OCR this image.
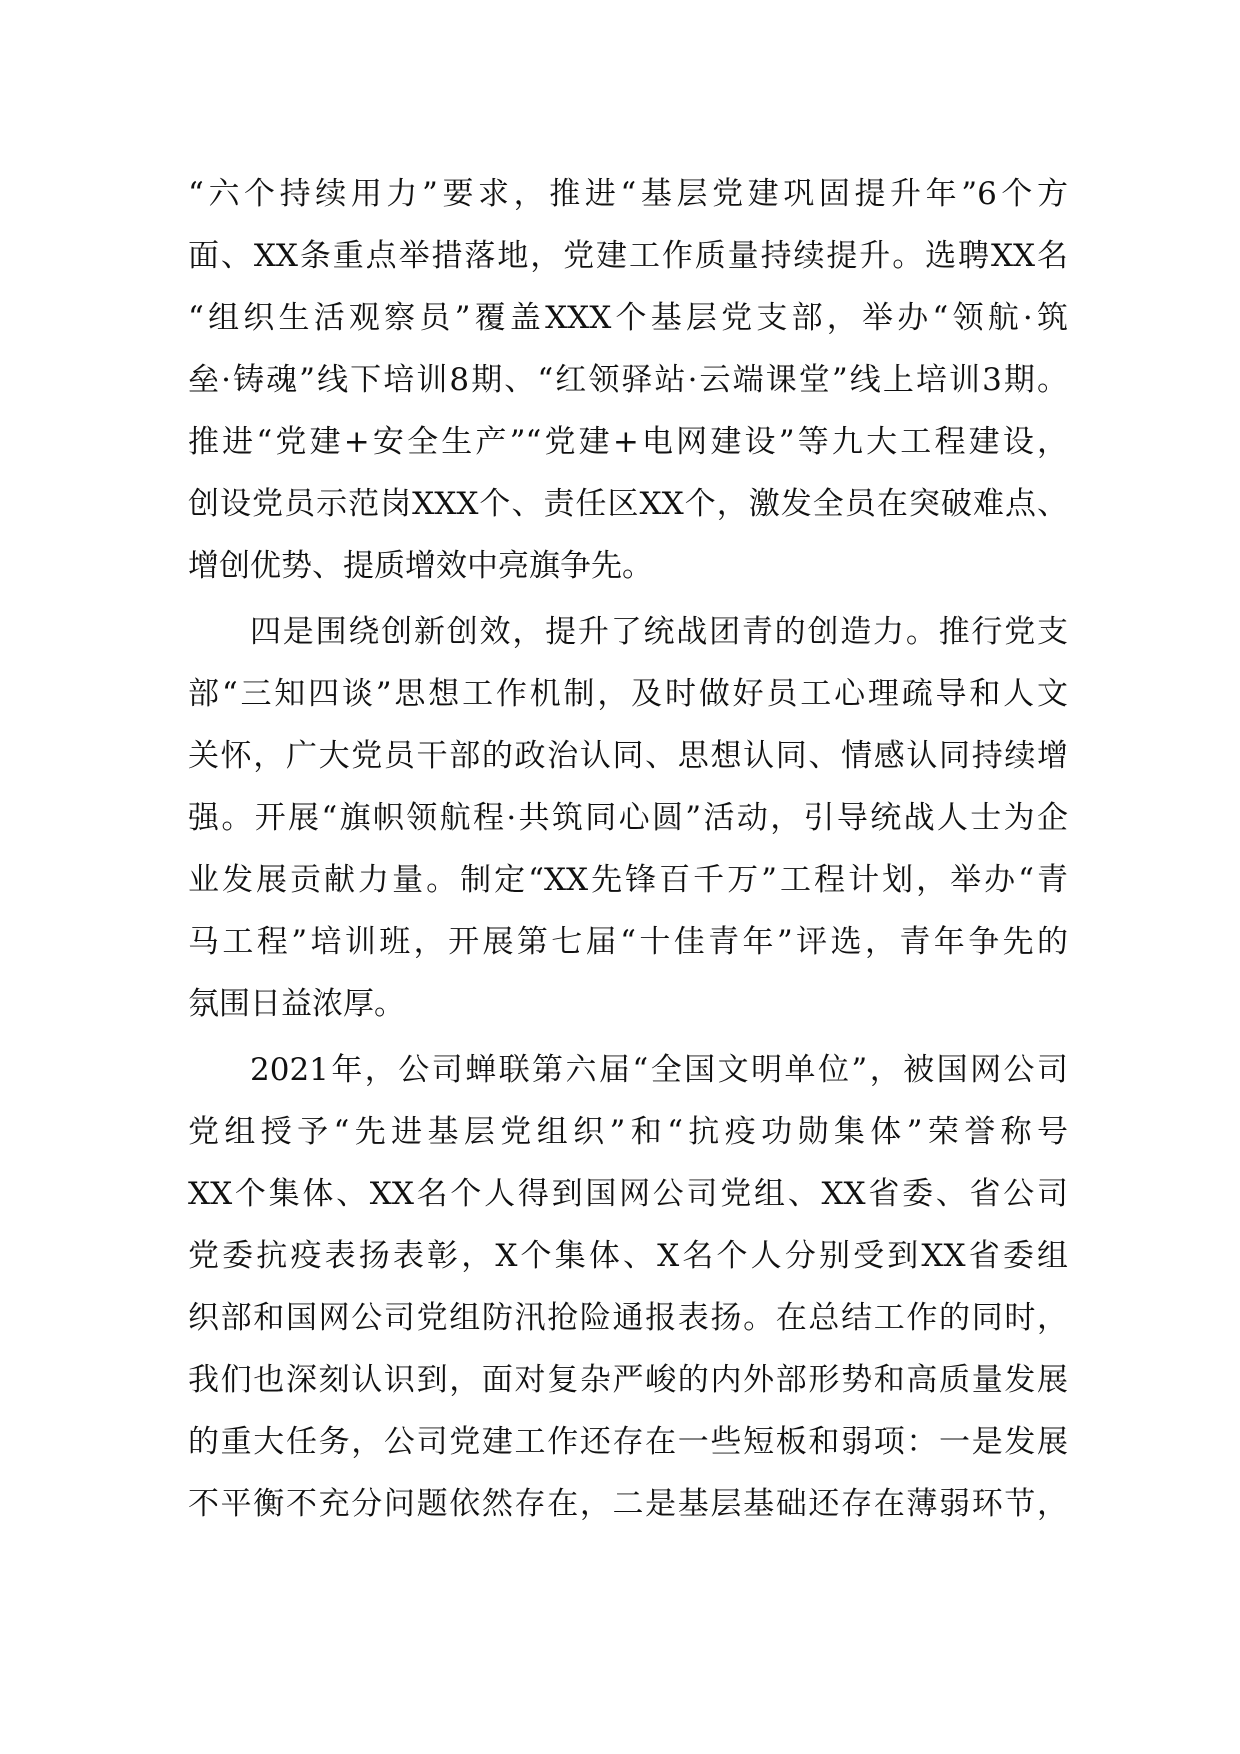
“六个持续用力”要求，推进“基层党建巩固提升年”6个方
面、XX条重点举措落地，党建工作质量持续提升。选聘XX名
“组织生活观察员”覆盖XXX个基层党支部，举办“领航·筑
垒·铸魂”线下培训8期、“红领驿站·云端课堂”线上培训3期。
推进“党建+安全生产”“党建+电网建设”等九大工程建设，
创设党员示范岗XXX个、责任区XX个，激发全员在突破难点、
增创优势、提质增效中亮旗争先。
四是围绕创新创效，提升了统战团青的创造力。推行党支
部“三知四谈”思想工作机制，及时做好员工心理疏导和人文
关怀，广大党员干部的政治认同、思想认同、情感认同持续增
强。开展“旗帜领航程·共筑同心圆”活动，引导统战人士为企
业发展贡献力量。制定“XX先锋百千万”工程计划，举办“青
马工程”培训班，开展第七届“十佳青年”评选，青年争先的
氛围日益浓厚。
2021年，公司蝉联第六届“全国文明单位”，被国网公司
党组授予“先进基层党组织”和“抗疫功勋集体”荣誉称号
XX个集体、XX名个人得到国网公司党组、XX省委、省公司
党委抗疫表扬表彰，X个集体、X名个人分别受到XX省委组
织部和国网公司党组防汛抢险通报表扬。在总结工作的同时，
我们也深刻认识到，面对复杂严峻的内外部形势和高质量发展
的重大任务，公司党建工作还存在一些短板和弱项：一是发展
不平衡不充分问题依然存在，二是基层基础还存在薄弱环节，
